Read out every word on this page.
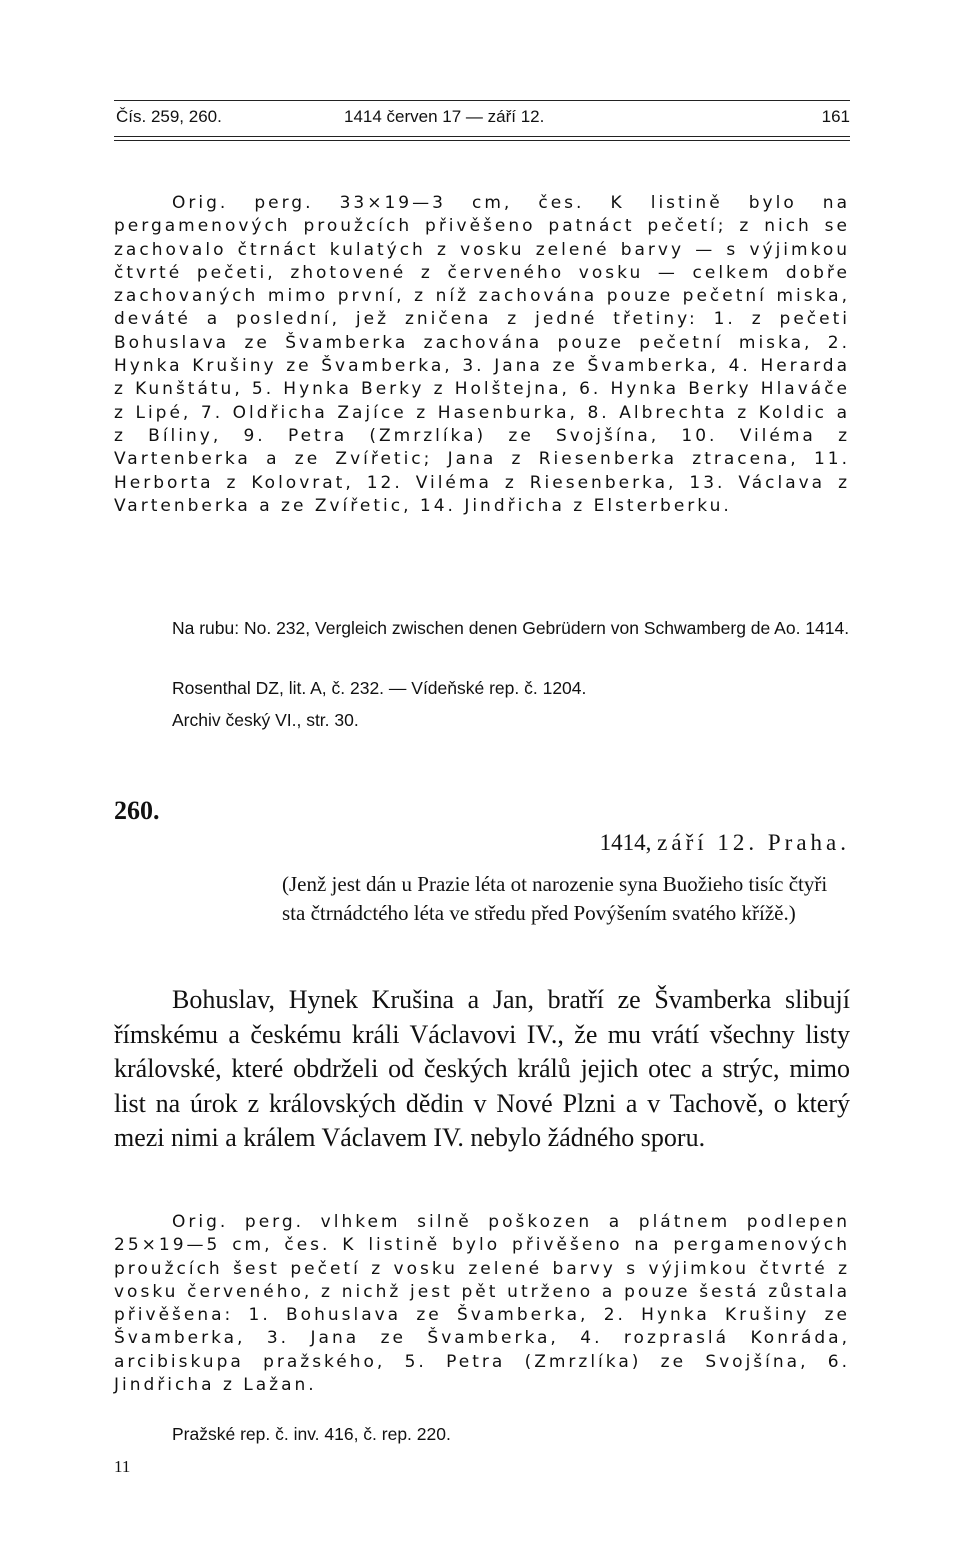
Čís. 259, 260.	1414 červen 17 — září 12.	161

Orig. perg. 33×19—3 cm, čes. K listině bylo na pergamenových proužcích přivěšeno patnáct pečetí; z nich se zachovalo čtrnáct kulatých z vosku zelené barvy — s výjimkou čtvrté pečeti, zhotovené z červeného vosku — celkem dobře zachovaných mimo první, z níž zachována pouze pečetní miska, deváté a poslední, jež zničena z jedné třetiny: 1. z pečeti Bohuslava ze Švamberka zachována pouze pečetní miska, 2. Hynka Krušiny ze Švamberka, 3. Jana ze Švamberka, 4. Herarda z Kunštátu, 5. Hynka Berky z Holštejna, 6. Hynka Berky Hlaváče z Lipé, 7. Oldřicha Zajíce z Hasenburka, 8. Albrechta z Koldic a z Bíliny, 9. Petra (Zmrzlíka) ze Svojšína, 10. Viléma z Vartenberka a ze Zvířetic; Jana z Riesenberka ztracena, 11. Herborta z Kolovrat, 12. Viléma z Riesenberka, 13. Václava z Vartenberka a ze Zvířetic, 14. Jindřicha z Elsterberku.

Na rubu: No. 232, Vergleich zwischen denen Gebrüdern von Schwamberg de Ao. 1414.

Rosenthal DZ, lit. A, č. 232. — Vídeňské rep. č. 1204.

Archiv český VI., str. 30.

260.
1414, září 12. Praha.

(Jenž jest dán u Prazie léta ot narozenie syna Buožieho tisíc čtyři sta čtrnádctého léta ve středu před Povýšením svatého křížě.)

Bohuslav, Hynek Krušina a Jan, bratří ze Švamberka slibují římskému a českému králi Václavovi IV., že mu vrátí všechny listy královské, které obdrželi od českých králů jejich otec a strýc, mimo list na úrok z královských dědin v Nové Plzni a v Tachově, o který mezi nimi a králem Václavem IV. nebylo žádného sporu.

Orig. perg. vlhkem silně poškozen a plátnem podlepen 25×19—5 cm, čes. K listině bylo přivěšeno na pergamenových proužcích šest pečetí z vosku zelené barvy s výjimkou čtvrté z vosku červeného, z nichž jest pět utrženo a pouze šestá zůstala přivěšena: 1. Bohuslava ze Švamberka, 2. Hynka Krušiny ze Švamberka, 3. Jana ze Švamberka, 4. rozpraslá Konráda, arcibiskupa pražského, 5. Petra (Zmrzlíka) ze Svojšína, 6. Jindřicha z Lažan.

Pražské rep. č. inv. 416, č. rep. 220.

11
